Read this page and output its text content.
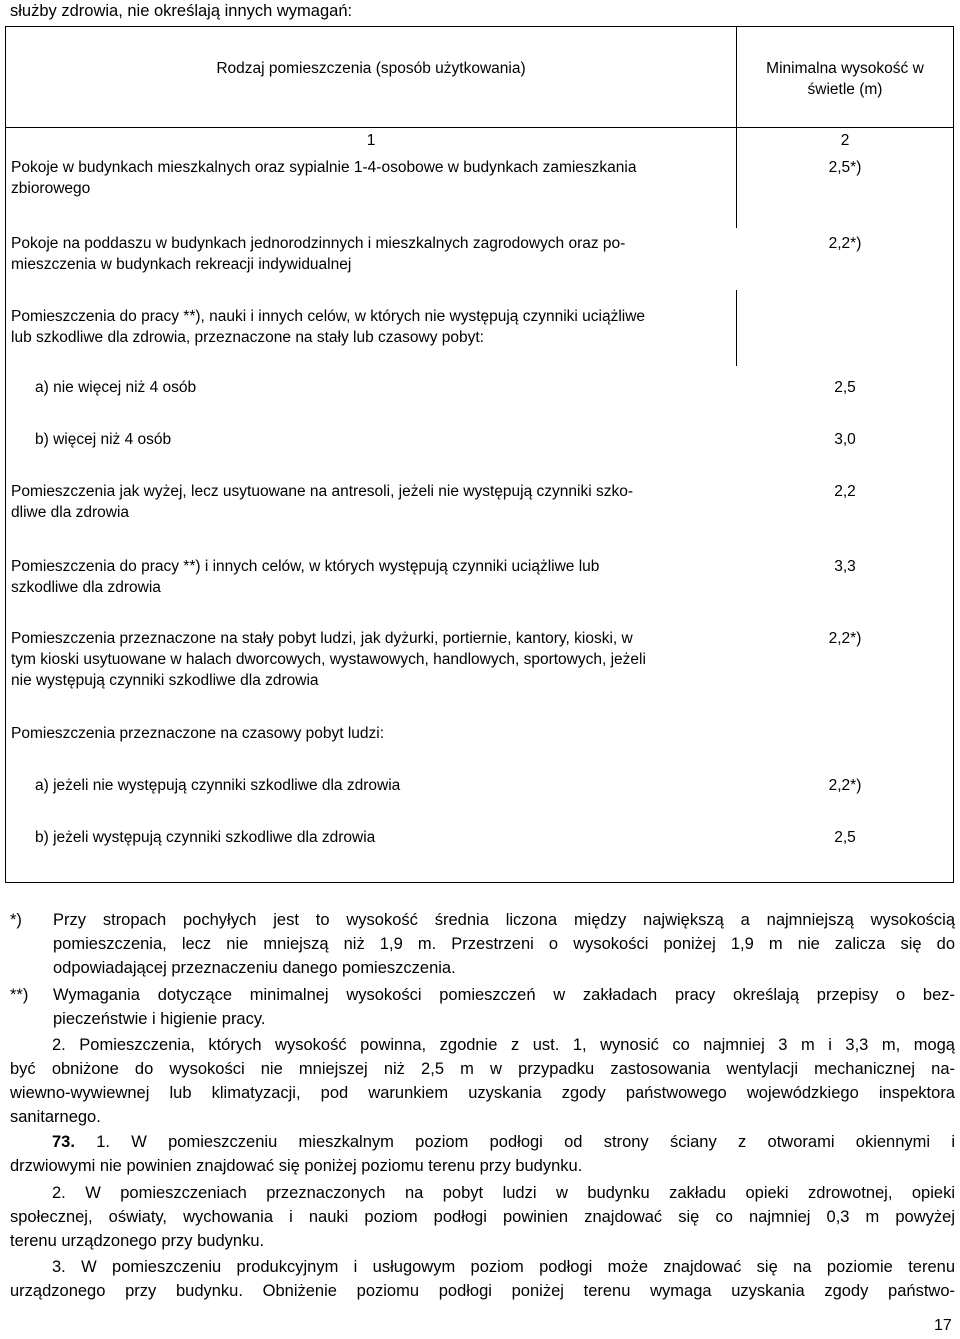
służby zdrowia, nie określają innych wymagań:
Rodzaj pomieszczenia (sposób użytkowania)	Minimalna wysokość w
świetle (m)
1	2
Pokoje w budynkach mieszkalnych oraz sypialnie 1-4-osobowe w budynkach zamieszkania
zbiorowego
2,5*)
Pokoje na poddaszu w budynkach jednorodzinnych i mieszkalnych zagrodowych oraz po-
mieszczenia w budynkach rekreacji indywidualnej
2,2*)
Pomieszczenia do pracy **), nauki i innych celów, w których nie występują czynniki uciążliwe
lub szkodliwe dla zdrowia, przeznaczone na stały lub czasowy pobyt:
a) nie więcej niż 4 osób	2,5
b) więcej niż 4 osób	3,0
Pomieszczenia jak wyżej, lecz usytuowane na antresoli, jeżeli nie występują czynniki szko-
dliwe dla zdrowia
2,2
Pomieszczenia do pracy **) i innych celów, w których występują czynniki uciążliwe lub
szkodliwe dla zdrowia
3,3
Pomieszczenia przeznaczone na stały pobyt ludzi, jak dyżurki, portiernie, kantory, kioski, w
tym kioski usytuowane w halach dworcowych, wystawowych, handlowych, sportowych, jeżeli
nie występują czynniki szkodliwe dla zdrowia
2,2*)
Pomieszczenia przeznaczone na czasowy pobyt ludzi:
a) jeżeli nie występują czynniki szkodliwe dla zdrowia	2,2*)
b) jeżeli występują czynniki szkodliwe dla zdrowia	2,5
*) Przy stropach pochyłych jest to wysokość średnia liczona między największą a najmniejszą wysokością
pomieszczenia, lecz nie mniejszą niż 1,9 m. Przestrzeni o wysokości poniżej 1,9 m nie zalicza się do
odpowiadającej przeznaczeniu danego pomieszczenia.
**) Wymagania dotyczące minimalnej wysokości pomieszczeń w zakładach pracy określają przepisy o bez-
pieczeństwie i higienie pracy.
2. Pomieszczenia, których wysokość powinna, zgodnie z ust. 1, wynosić co najmniej 3 m i 3,3 m, mogą
być obniżone do wysokości nie mniejszej niż 2,5 m w przypadku zastosowania wentylacji mechanicznej na-
wiewno-wywiewnej lub klimatyzacji, pod warunkiem uzyskania zgody państwowego wojewódzkiego inspektora
sanitarnego.
73. 1. W pomieszczeniu mieszkalnym poziom podłogi od strony ściany z otworami okiennymi i
drzwiowymi nie powinien znajdować się poniżej poziomu terenu przy budynku.
2. W pomieszczeniach przeznaczonych na pobyt ludzi w budynku zakładu opieki zdrowotnej, opieki
społecznej, oświaty, wychowania i nauki poziom podłogi powinien znajdować się co najmniej 0,3 m powyżej
terenu urządzonego przy budynku.
3. W pomieszczeniu produkcyjnym i usługowym poziom podłogi może znajdować się na poziomie terenu
urządzonego przy budynku. Obniżenie poziomu podłogi poniżej terenu wymaga uzyskania zgody państwo-
17
